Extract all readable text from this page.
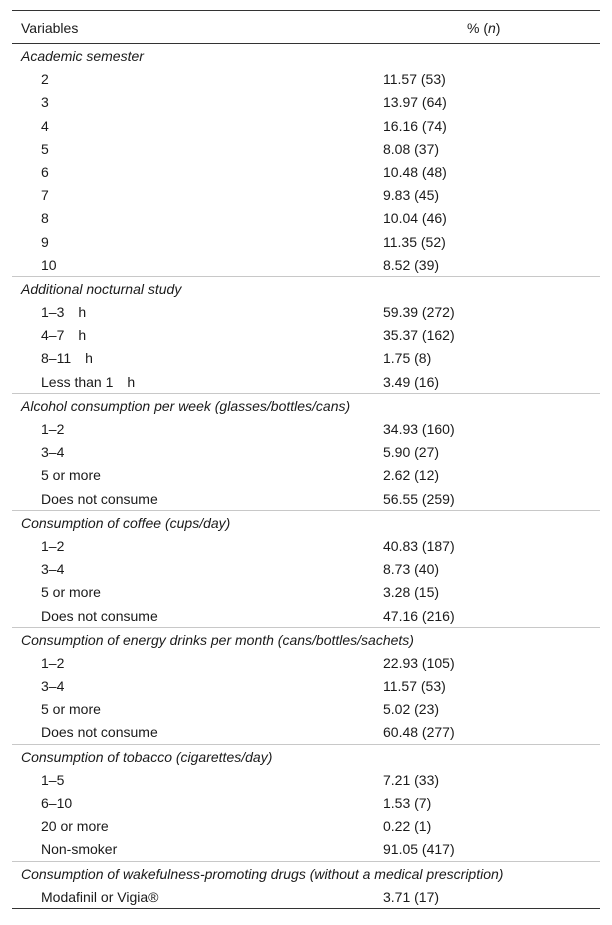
Variables	% (n)
Academic semester
2	11.57 (53)
3	13.97 (64)
4	16.16 (74)
5	8.08 (37)
6	10.48 (48)
7	9.83 (45)
8	10.04 (46)
9	11.35 (52)
10	8.52 (39)
Additional nocturnal study
1–3 h	59.39 (272)
4–7 h	35.37 (162)
8–11 h	1.75 (8)
Less than 1 h	3.49 (16)
Alcohol consumption per week (glasses/bottles/cans)
1–2	34.93 (160)
3–4	5.90 (27)
5 or more	2.62 (12)
Does not consume	56.55 (259)
Consumption of coffee (cups/day)
1–2	40.83 (187)
3–4	8.73 (40)
5 or more	3.28 (15)
Does not consume	47.16 (216)
Consumption of energy drinks per month (cans/bottles/sachets)
1–2	22.93 (105)
3–4	11.57 (53)
5 or more	5.02 (23)
Does not consume	60.48 (277)
Consumption of tobacco (cigarettes/day)
1–5	7.21 (33)
6–10	1.53 (7)
20 or more	0.22 (1)
Non-smoker	91.05 (417)
Consumption of wakefulness-promoting drugs (without a medical prescription)
Modafinil or Vigia®	3.71 (17)
